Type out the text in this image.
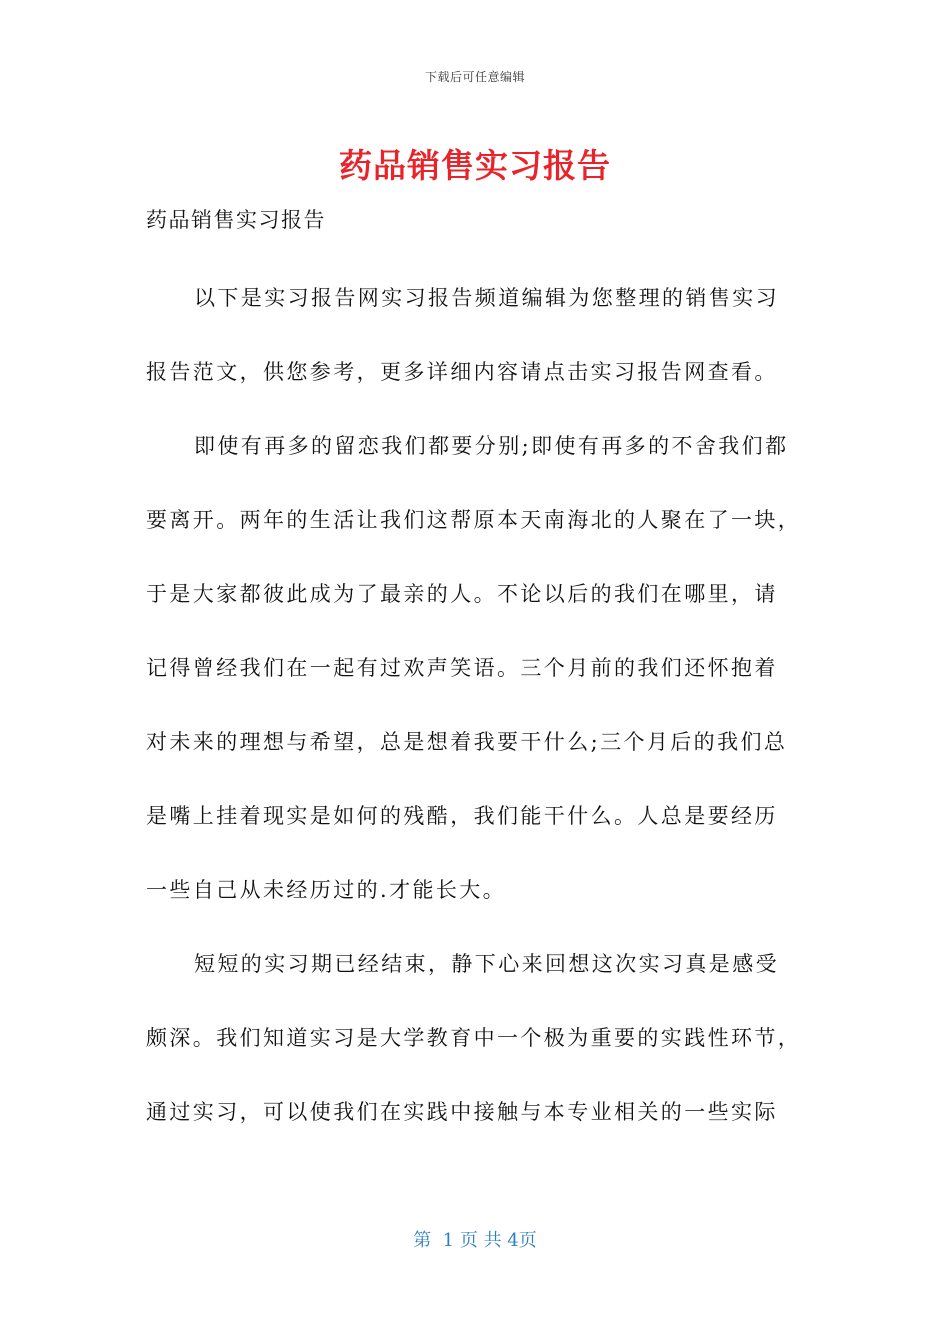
下载后可任意编辑
药品销售实习报告
药品销售实习报告
以下是实习报告网实习报告频道编辑为您整理的销售实习
报告范文，供您参考，更多详细内容请点击实习报告网查看。
即使有再多的留恋我们都要分别;即使有再多的不舍我们都
要离开。两年的生活让我们这帮原本天南海北的人聚在了一块，
于是大家都彼此成为了最亲的人。不论以后的我们在哪里，请
记得曾经我们在一起有过欢声笑语。三个月前的我们还怀抱着
对未来的理想与希望，总是想着我要干什么;三个月后的我们总
是嘴上挂着现实是如何的残酷，我们能干什么。人总是要经历
一些自己从未经历过的.才能长大。
短短的实习期已经结束，静下心来回想这次实习真是感受
颇深。我们知道实习是大学教育中一个极为重要的实践性环节，
通过实习，可以使我们在实践中接触与本专业相关的一些实际
第  1 页 共 4页
